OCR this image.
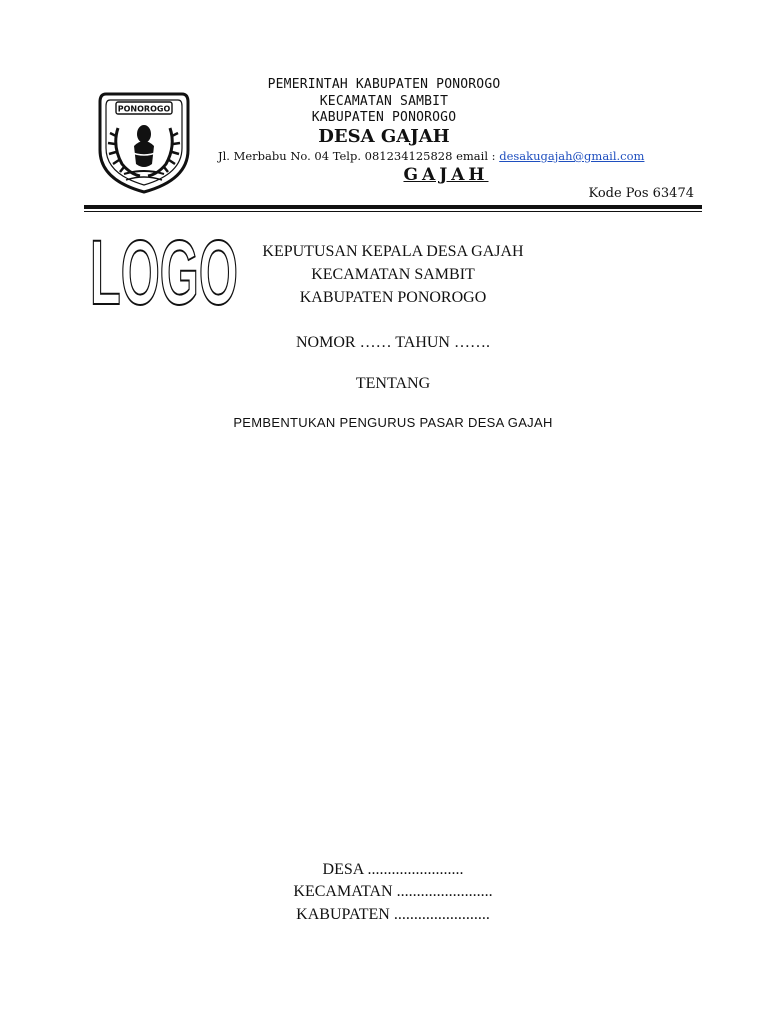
PONOROGO
PEMERINTAH KABUPATEN PONOROGO
KECAMATAN SAMBIT
KABUPATEN PONOROGO
DESA GAJAH
Jl. Merbabu No. 04 Telp. 081234125828 email : desakugajah@gmail.com
GAJAH
Kode Pos 63474
LOGO	KEPUTUSAN KEPALA DESA GAJAH
KECAMATAN SAMBIT
KABUPATEN PONOROGO
NOMOR …… TAHUN …….
TENTANG
PEMBENTUKAN PENGURUS PASAR DESA GAJAH
DESA ........................
KECAMATAN ........................
KABUPATEN ........................
